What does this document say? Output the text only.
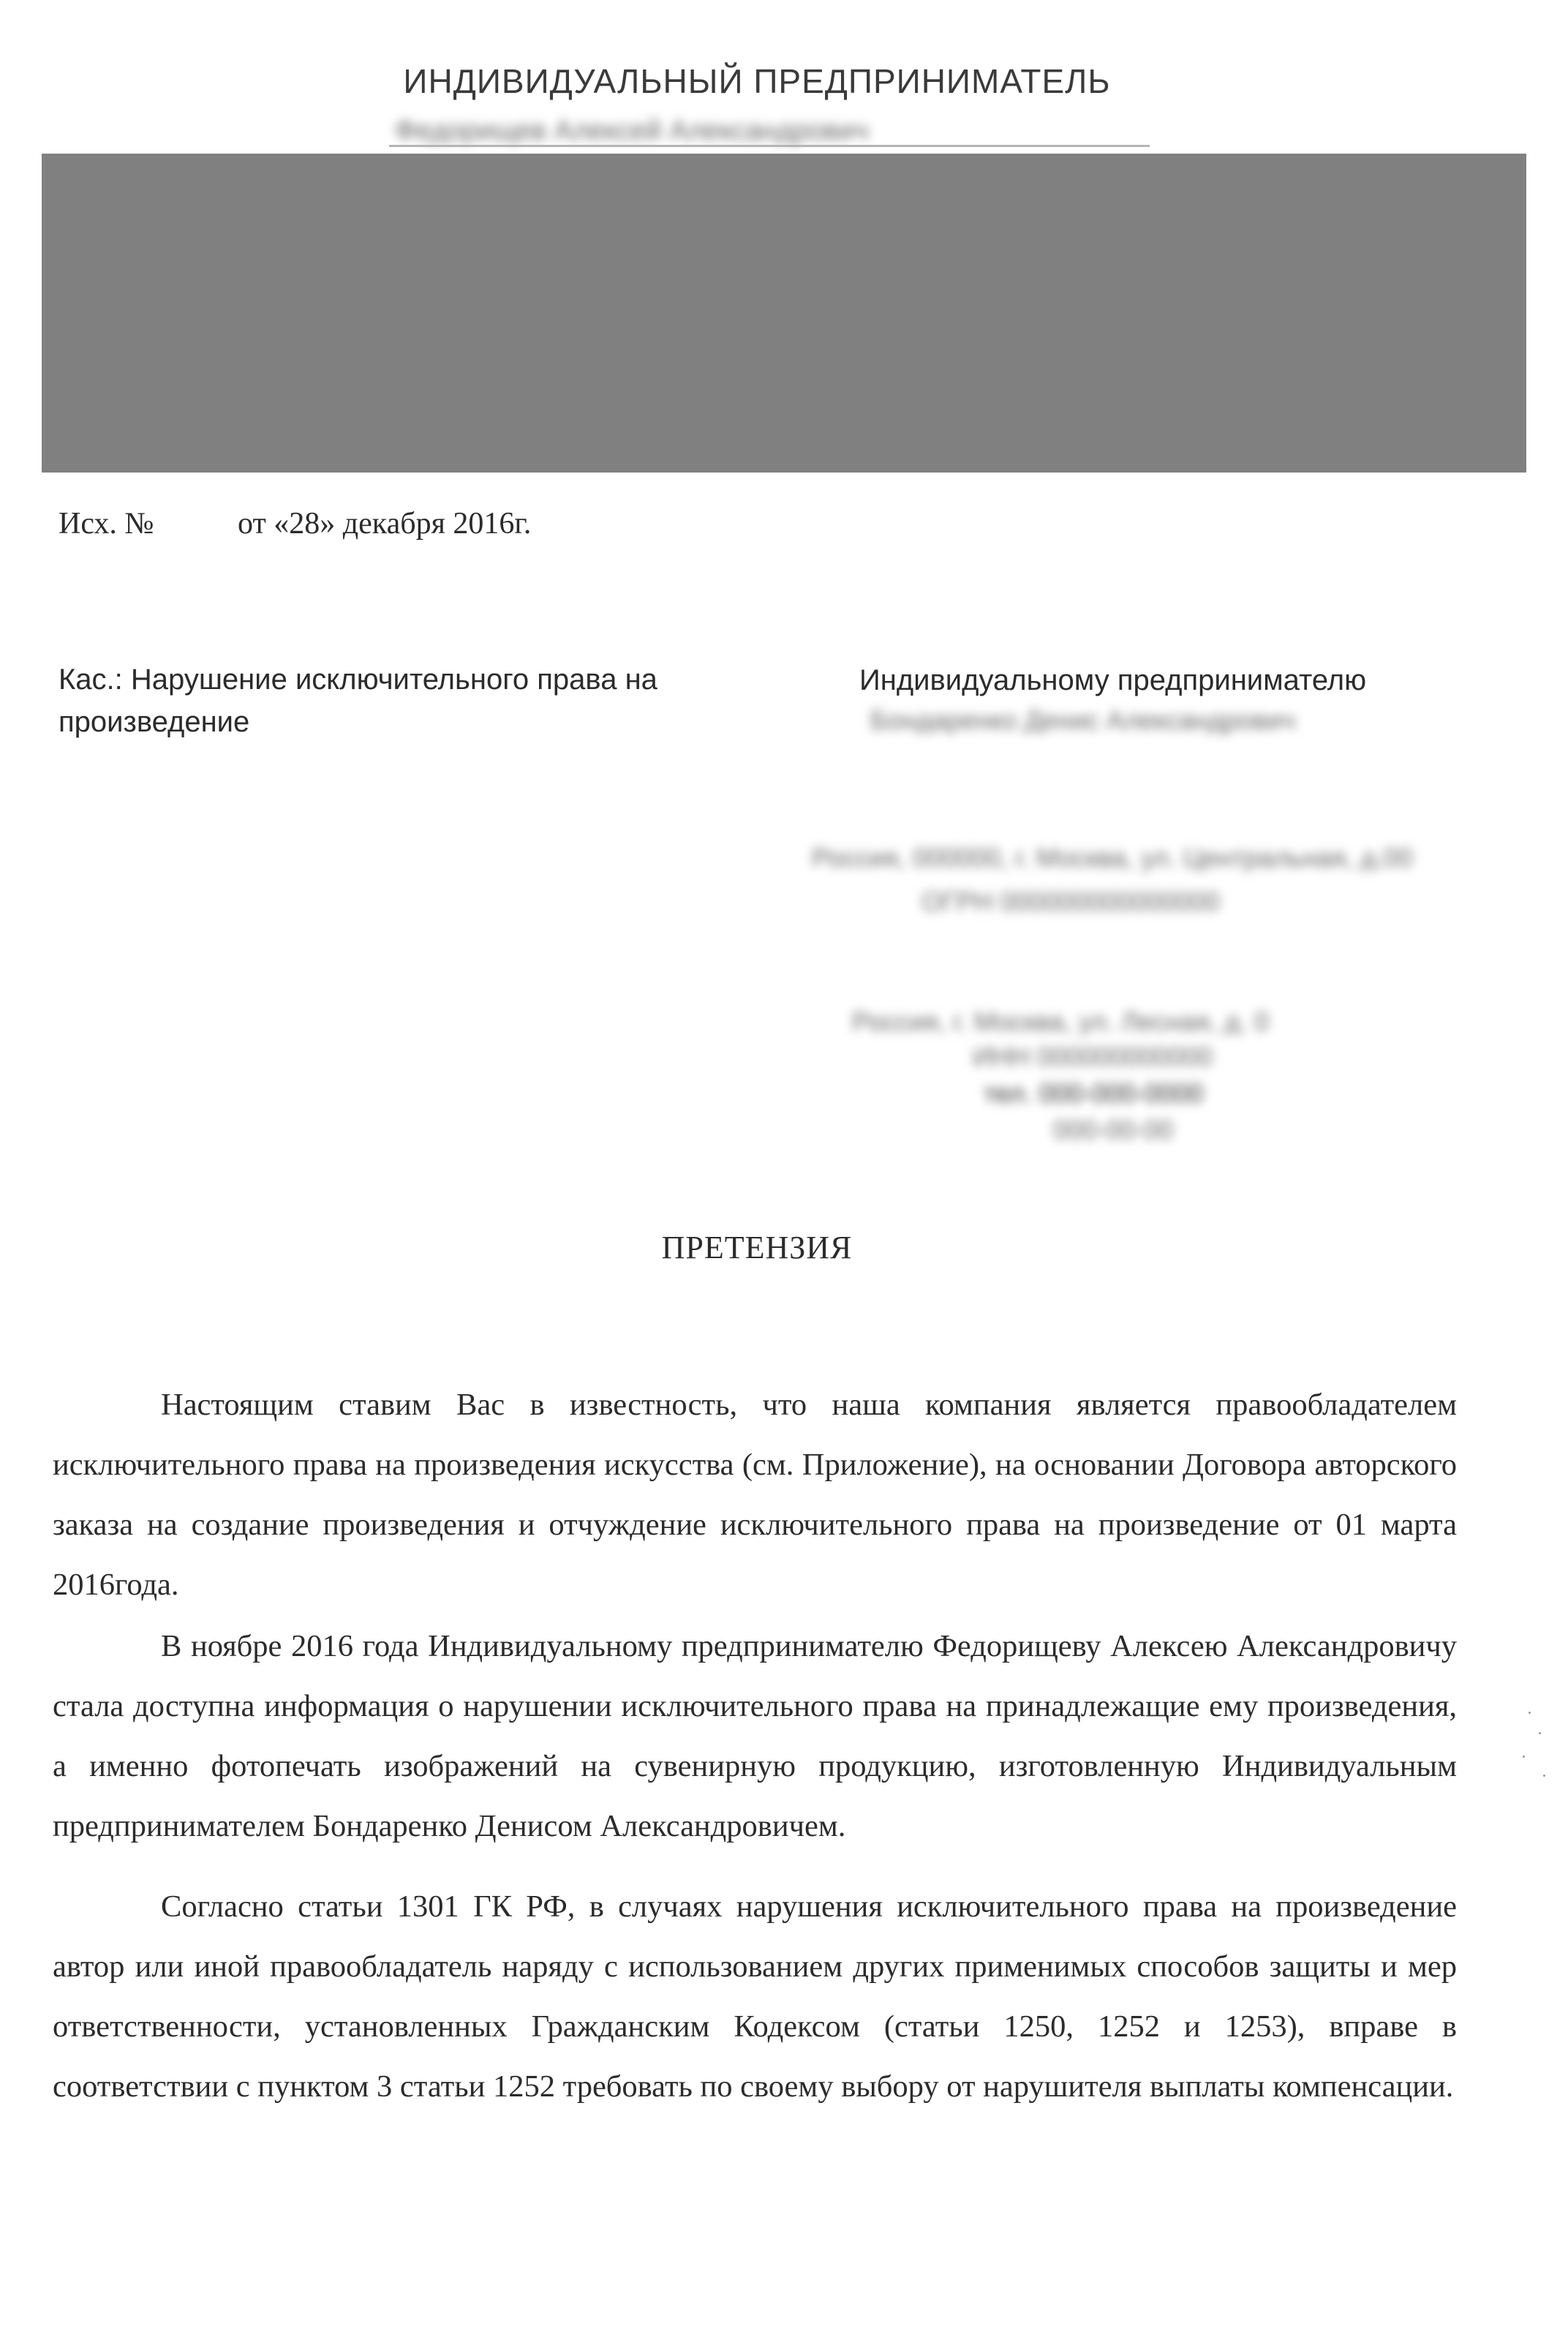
ИНДИВИДУАЛЬНЫЙ ПРЕДПРИНИМАТЕЛЬ
Федорищев Алексей Александрович
Исх. №	от «28» декабря 2016г.
Кас.: Нарушение исключительного права на произведение
Индивидуальному предпринимателю
Бондаренко Денис Александрович
Россия, 000000, г. Москва, ул. Центральная, д.00
ОГРН 000000000000000
Россия, г. Москва, ул. Лесная, д. 0
ИНН 000000000000
тел. 000-000-0000
000-00-00
ПРЕТЕНЗИЯ

Настоящим ставим Вас в известность, что наша компания является правообладателем исключительного права на произведения искусства (см. Приложение), на основании Договора авторского заказа на создание произведения и отчуждение исключительного права на произведение от 01 марта 2016года.

В ноябре 2016 года Индивидуальному предпринимателю Федорищеву Алексею Александровичу стала доступна информация о нарушении исключительного права на принадлежащие ему произведения, а именно фотопечать изображений на сувенирную продукцию, изготовленную Индивидуальным предпринимателем Бондаренко Денисом Александровичем.

Согласно статьи 1301 ГК РФ, в случаях нарушения исключительного права на произведение автор или иной правообладатель наряду с использованием других применимых способов защиты и мер ответственности, установленных Гражданским Кодексом (статьи 1250, 1252 и 1253), вправе в соответствии с пунктом 3 статьи 1252 требовать по своему выбору от нарушителя выплаты компенсации.
